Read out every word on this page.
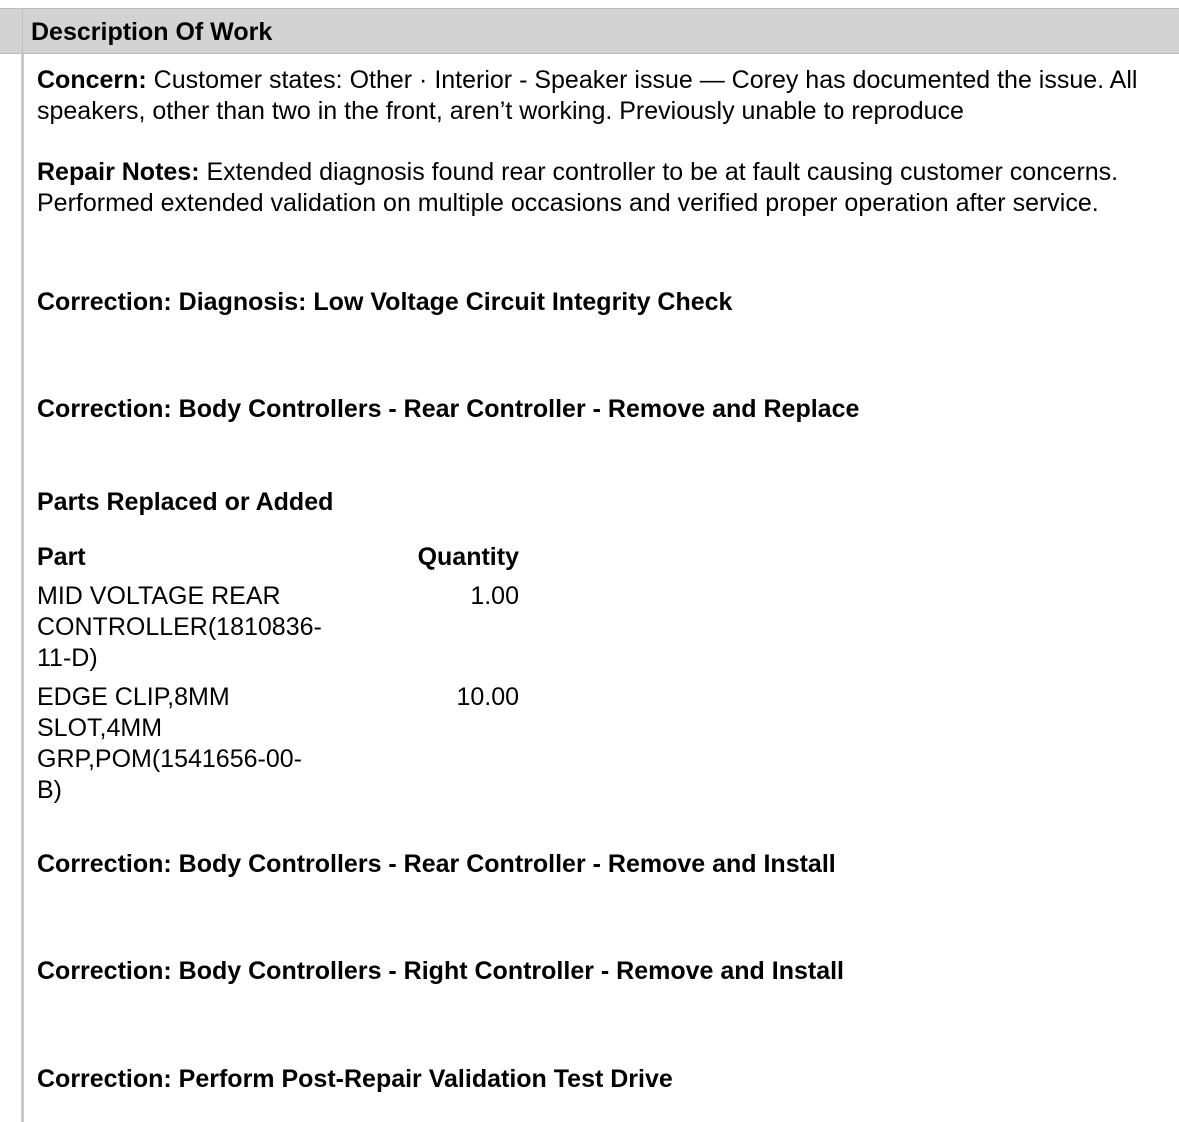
Description Of Work
Concern: Customer states: Other · Interior - Speaker issue — Corey has documented the issue. All
speakers, other than two in the front, aren’t working. Previously unable to reproduce
Repair Notes: Extended diagnosis found rear controller to be at fault causing customer concerns.
Performed extended validation on multiple occasions and verified proper operation after service.
Correction: Diagnosis: Low Voltage Circuit Integrity Check
Correction: Body Controllers - Rear Controller - Remove and Replace
Parts Replaced or Added
Part	Quantity

MID VOLTAGE REAR
CONTROLLER(1810836-
11-D)	1.00

EDGE CLIP,8MM
SLOT,4MM
GRP,POM(1541656-00-
B)	10.00
Correction: Body Controllers - Rear Controller - Remove and Install
Correction: Body Controllers - Right Controller - Remove and Install
Correction: Perform Post-Repair Validation Test Drive
